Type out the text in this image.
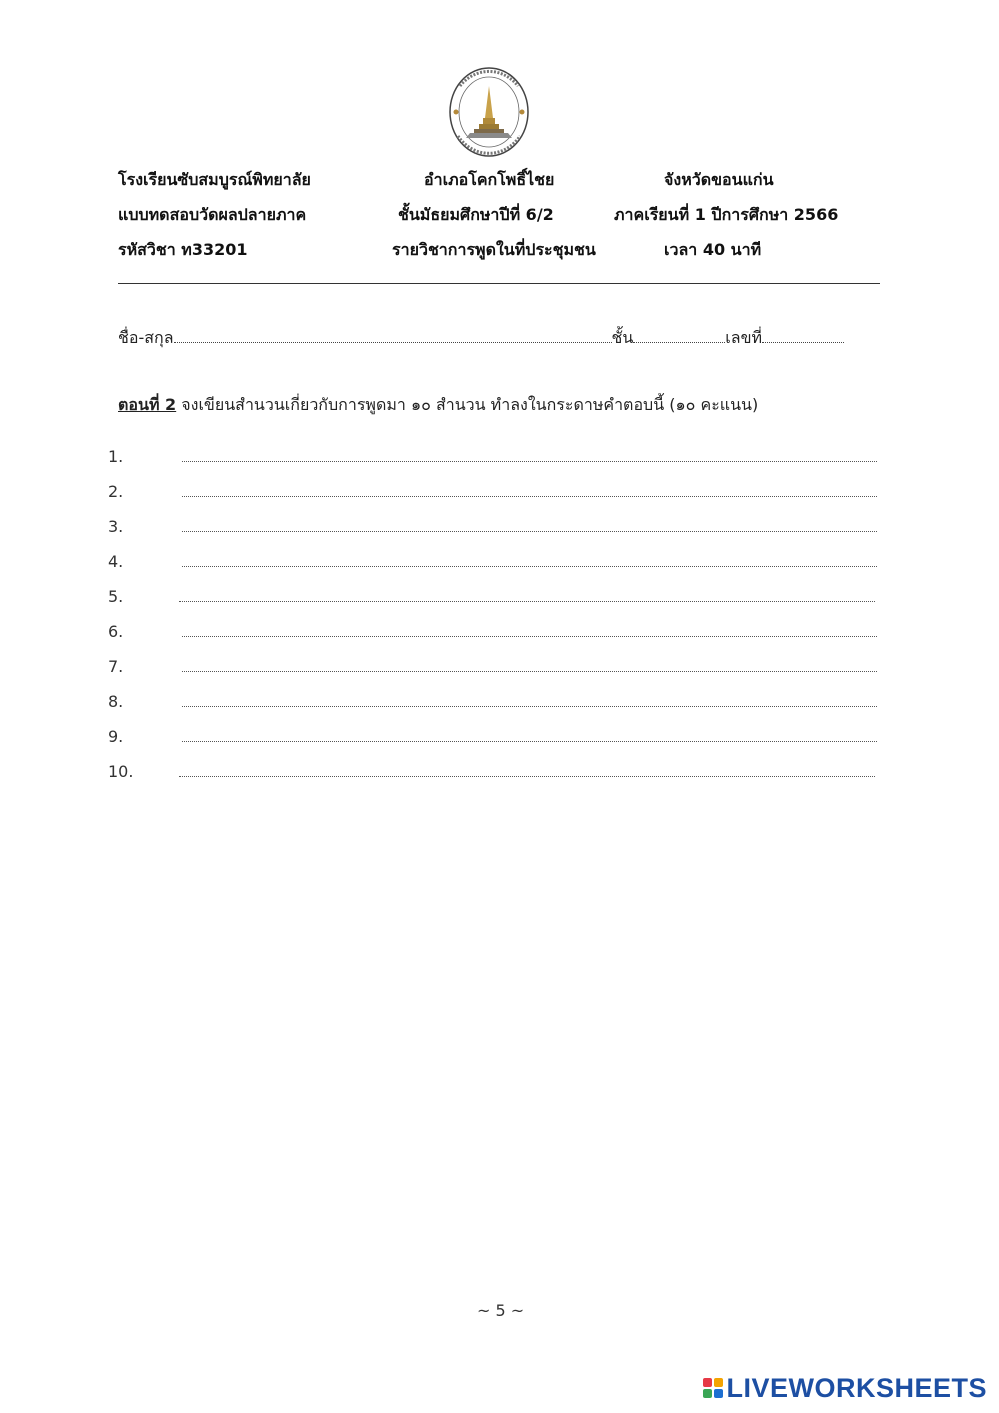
โรงเรียนซับสมบูรณ์พิทยาลัย	อำเภอโคกโพธิ์ไชย	จังหวัดขอนแก่น
แบบทดสอบวัดผลปลายภาค	ชั้นมัธยมศึกษาปีที่ 6/2	ภาคเรียนที่ 1 ปีการศึกษา 2566
รหัสวิชา ท33201	รายวิชาการพูดในที่ประชุมชน	เวลา 40 นาที
ชื่อ-สกุล	ชั้น	เลขที่
ตอนที่ 2 จงเขียนสำนวนเกี่ยวกับการพูดมา ๑๐ สำนวน ทำลงในกระดาษคำตอบนี้ (๑๐ คะแนน)
1.
2.
3.
4.
5.
6.
7.
8.
9.
10.
~ 5 ~
LIVEWORKSHEETS
